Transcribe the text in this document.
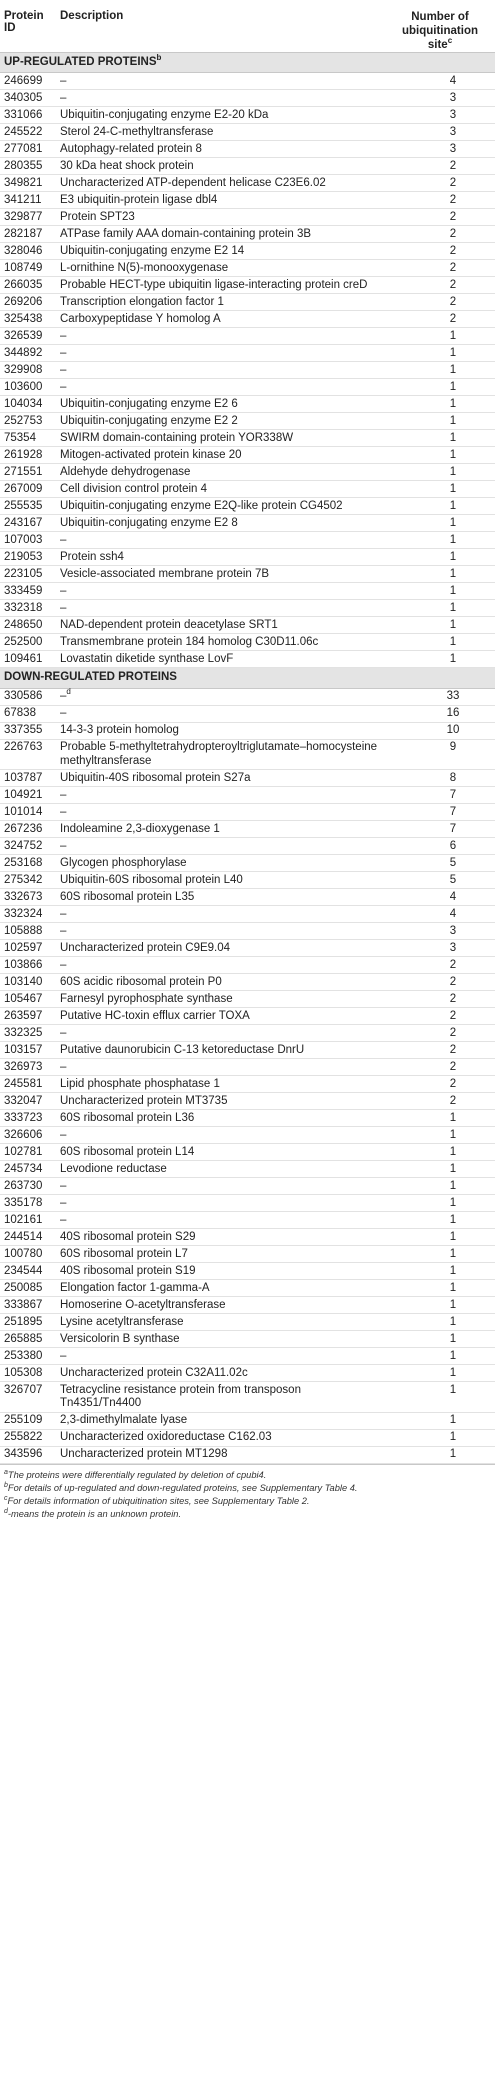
Protein ID	Description	Number of
ubiquitination site$^c$
UP-REGULATED PROTEINS$^b$
246699	–	4
340305	–	3
331066	Ubiquitin-conjugating enzyme E2-20 kDa	3
245522	Sterol 24-C-methyltransferase	3
277081	Autophagy-related protein 8	3
280355	30 kDa heat shock protein	2
349821	Uncharacterized ATP-dependent helicase C23E6.02	2
341211	E3 ubiquitin-protein ligase dbl4	2
329877	Protein SPT23	2
282187	ATPase family AAA domain-containing protein 3B	2
328046	Ubiquitin-conjugating enzyme E2 14	2
108749	L-ornithine N(5)-monooxygenase	2
266035	Probable HECT-type ubiquitin ligase-interacting protein creD	2
269206	Transcription elongation factor 1	2
325438	Carboxypeptidase Y homolog A	2
326539	–	1
344892	–	1
329908	–	1
103600	–	1
104034	Ubiquitin-conjugating enzyme E2 6	1
252753	Ubiquitin-conjugating enzyme E2 2	1
75354	SWIRM domain-containing protein YOR338W	1
261928	Mitogen-activated protein kinase 20	1
271551	Aldehyde dehydrogenase	1
267009	Cell division control protein 4	1
255535	Ubiquitin-conjugating enzyme E2Q-like protein CG4502	1
243167	Ubiquitin-conjugating enzyme E2 8	1
107003	–	1
219053	Protein ssh4	1
223105	Vesicle-associated membrane protein 7B	1
333459	–	1
332318	–	1
248650	NAD-dependent protein deacetylase SRT1	1
252500	Transmembrane protein 184 homolog C30D11.06c	1
109461	Lovastatin diketide synthase LovF	1
DOWN-REGULATED PROTEINS		
330586	–$^d$	33
67838	–	16
337355	14-3-3 protein homolog	10
226763	Probable 5-methyltetrahydropteroyltriglutamate–homocysteine methyltransferase	9
103787	Ubiquitin-40S ribosomal protein S27a	8
104921	–	7
101014	–	7
267236	Indoleamine 2,3-dioxygenase 1	7
324752	–	6
253168	Glycogen phosphorylase	5
275342	Ubiquitin-60S ribosomal protein L40	5
332673	60S ribosomal protein L35	4
332324	–	4
105888	–	3
102597	Uncharacterized protein C9E9.04	3
103866	–	2
103140	60S acidic ribosomal protein P0	2
105467	Farnesyl pyrophosphate synthase	2
263597	Putative HC-toxin efflux carrier TOXA	2
332325	–	2
103157	Putative daunorubicin C-13 ketoreductase DnrU	2
326973	–	2
245581	Lipid phosphate phosphatase 1	2
332047	Uncharacterized protein MT3735	2
333723	60S ribosomal protein L36	1
326606	–	1
102781	60S ribosomal protein L14	1
245734	Levodione reductase	1
263730	–	1
335178	–	1
102161	–	1
244514	40S ribosomal protein S29	1
100780	60S ribosomal protein L7	1
234544	40S ribosomal protein S19	1
250085	Elongation factor 1-gamma-A	1
333867	Homoserine O-acetyltransferase	1
251895	Lysine acetyltransferase	1
265885	Versicolorin B synthase	1
253380	–	1
105308	Uncharacterized protein C32A11.02c	1
326707	Tetracycline resistance protein from transposon Tn4351/Tn4400	1
255109	2,3-dimethylmalate lyase	1
255822	Uncharacterized oxidoreductase C162.03	1
343596	Uncharacterized protein MT1298	1
$^a$The proteins were differentially regulated by deletion of cpubi4.
$^b$For details of up-regulated and down-regulated proteins, see Supplementary Table 4.
$^c$For details information of ubiquitination sites, see Supplementary Table 2.
$^d$-means the protein is an unknown protein.
